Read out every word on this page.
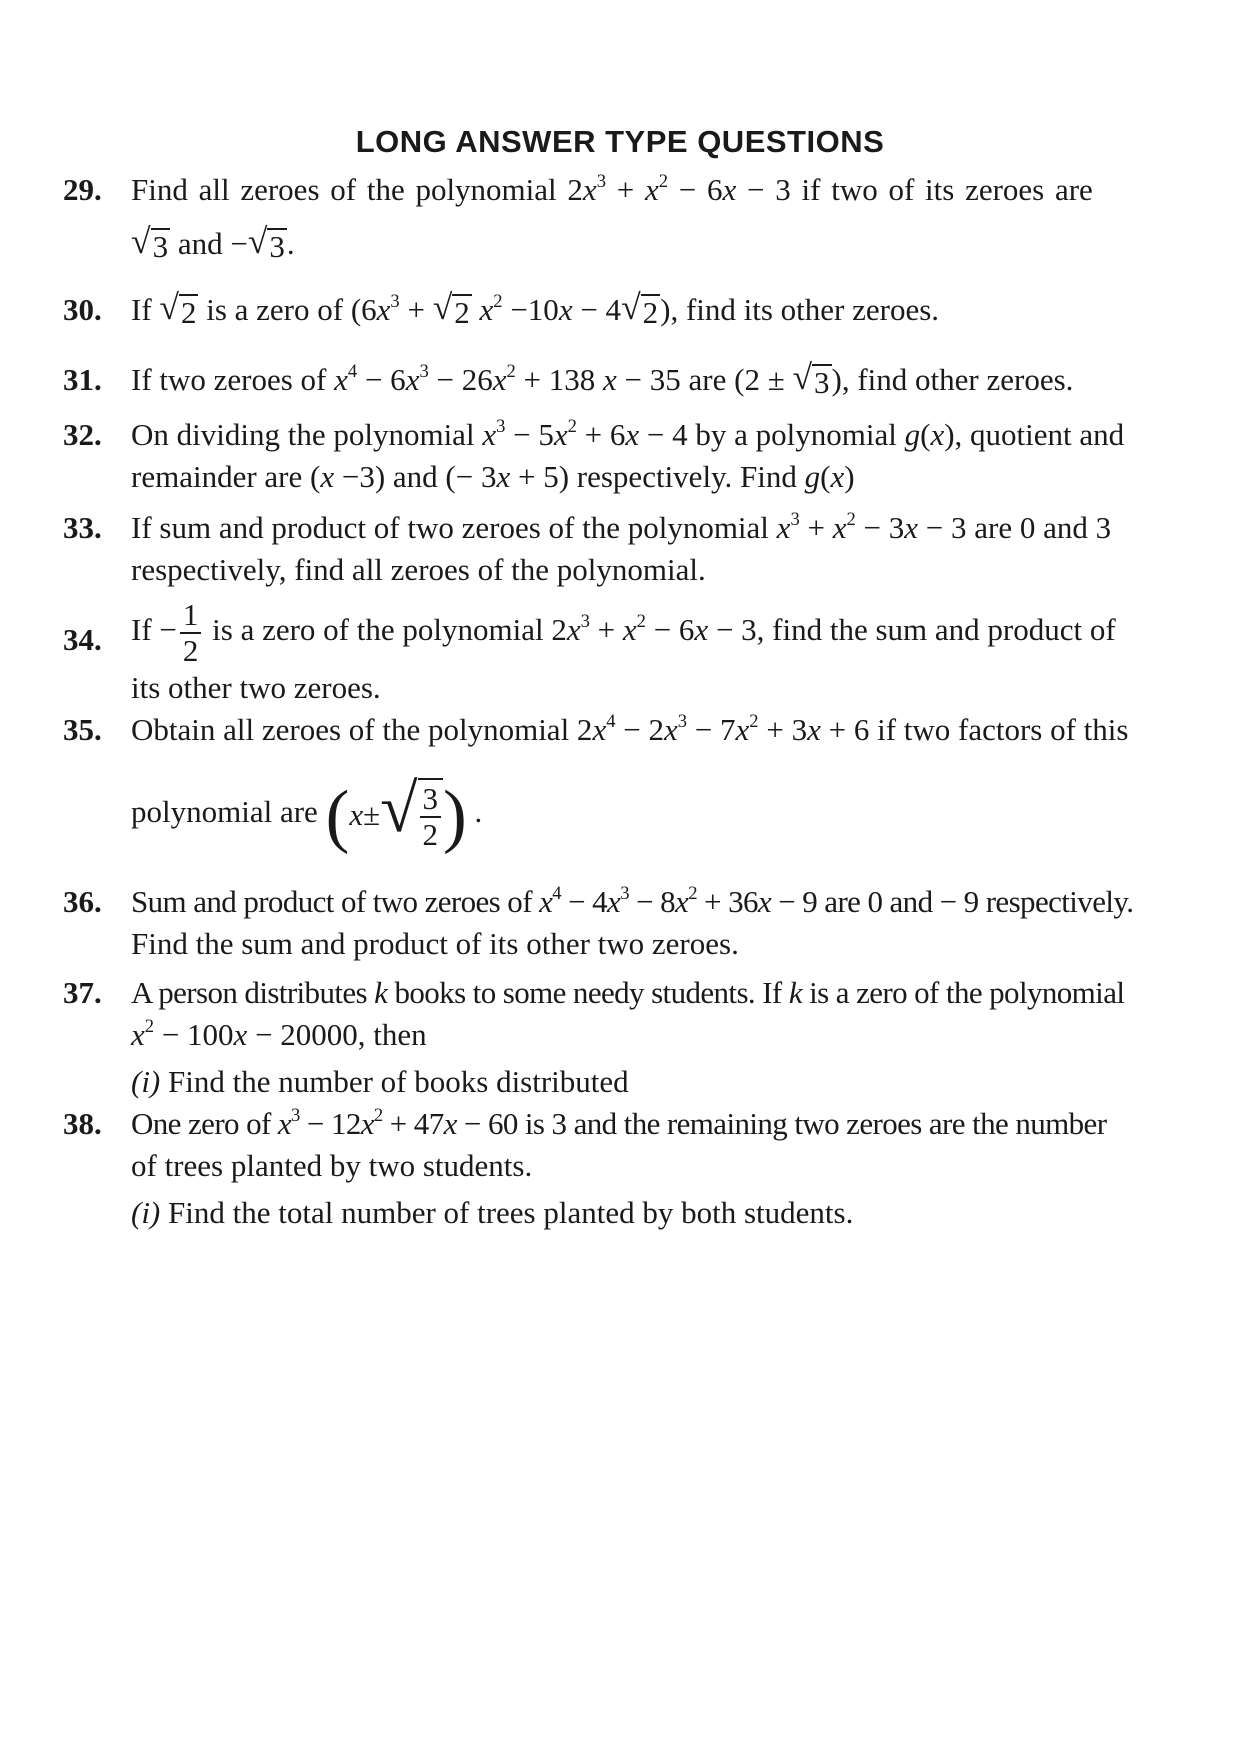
LONG ANSWER TYPE QUESTIONS
29. Find all zeroes of the polynomial $2x^3 + x^2 - 6x - 3$ if two of its zeroes are
√ 3 and − √ 3 .
30. If √ 2 is a zero of ($6x^3$ + √ 2 $x^2 -10x - 4$ √ 2 ), find its other zeroes.
31. If two zeroes of $x^4 - 6x^3 - 26x^2 + 138$ x − 35 are (2 ± √ 3 ), find other zeroes.
32. On dividing the polynomial $x^3 - 5x^2 + 6x - 4$ by a polynomial g(x), quotient and
remainder are (x −3) and (− 3x + 5) respectively. Find g(x)
33. If sum and product of two zeroes of the polynomial $x^3 + x^2 - 3x - 3$ are 0 and 3
respectively, find all zeroes of the polynomial.
34. $If - \frac{1}{2}$ is a zero of the polynomial $2x^3 + x^2 - 6x - 3$, find the sum and product of
its other two zeroes.
35. Obtain all zeroes of the polynomial $2x^4 - 2x^3 - 7x^2 + 3x + 6$ if two factors of this
polynomial are ( x ± √ $\frac{3}{2}$ ) .
36. Sum and product of two zeroes of $x^4 - 4x^3 - 8x^2 + 36x - 9$ are 0 and − 9 respectively.
Find the sum and product of its other two zeroes.
37. A person distributes k books to some needy students. If k is a zero of the polynomial
$x^2 - 100x - 20000$, then
(i) Find the number of books distributed
38. One zero of $x^3 - 12x^2 + 47x - 60$ is 3 and the remaining two zeroes are the number
of trees planted by two students.
(i) Find the total number of trees planted by both students.
